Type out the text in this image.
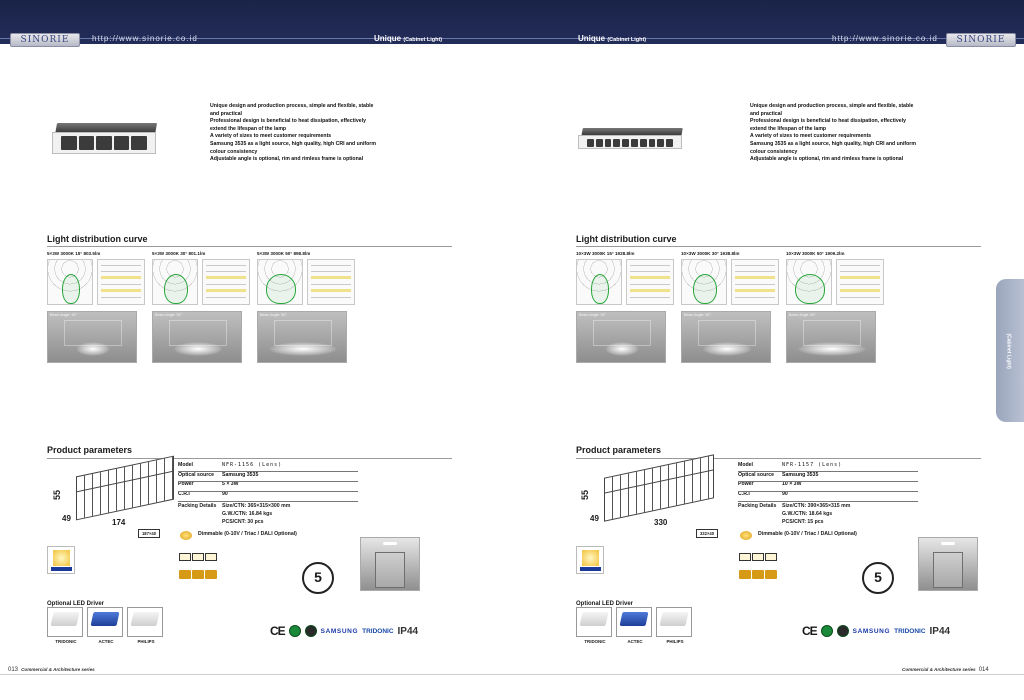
SINORIE	http://www.sinorie.co.id	Unique (Cabinet Light)	Unique (Cabinet Light)	http://www.sinorie.co.id	SINORIE
Unique design and production process, simple and flexible, stable
and practical
Professional design is beneficial to heat dissipation, effectively
extend the lifespan of the lamp
A variety of sizes to meet customer requirements
Samsung 3535 as a light source, high quality, high CRI and uniform
colour consistency
Adjustable angle is optional, rim and rimless frame is optional
Light distribution curve
5×3W 3000K 15° 803.5lm	5×3W 3000K 30° 801.1lm	5×3W 3000K 50° 898.8lm
Beam Angle: 15°	Beam Angle: 30°	Beam Angle: 50°
Product parameters
55
49	174
187×40
Model	NFR-1156 (Lens)
Optical source	Samsung 3535
Power	5 × 3W
C.R.I	90
Packing Details Size/CTN: 365×315×300 mm
G.W./CTN: 16.84 kgs
PCS/CNT: 30 pcs
Dimmable (0-10V / Triac / DALI Optional)

5
Optional LED Driver
TRIDONIC	ACTEC	PHILIPS
CE	SAMSUNG TRIDONIC IP44
013 Commercial & Architecture series
Unique design and production process, simple and flexible, stable
and practical
Professional design is beneficial to heat dissipation, effectively
extend the lifespan of the lamp
A variety of sizes to meet customer requirements
Samsung 3535 as a light source, high quality, high CRI and uniform
colour consistency
Adjustable angle is optional, rim and rimless frame is optional
Light distribution curve
10×3W 3000K 15° 1928.8lm	10×3W 3000K 30° 1938.8lm	10×3W 3000K 50° 1909.2lm
Beam Angle: 15°	Beam Angle: 30°	Beam Angle: 50°
Product parameters
55
49	330
332×40
Model	NFR-1157 (Lens)
Optical source	Samsung 3535
Power	10 × 3W
C.R.I	90
Packing Details Size/CTN: 390×365×315 mm
G.W./CTN: 18.64 kgs
PCS/CNT: 15 pcs
Dimmable (0-10V / Triac / DALI Optional)

5
Optional LED Driver
TRIDONIC	ACTEC	PHILIPS
CE	SAMSUNG TRIDONIC IP44
Commercial & Architecture series 014
Unique	(Cabinet Light)
